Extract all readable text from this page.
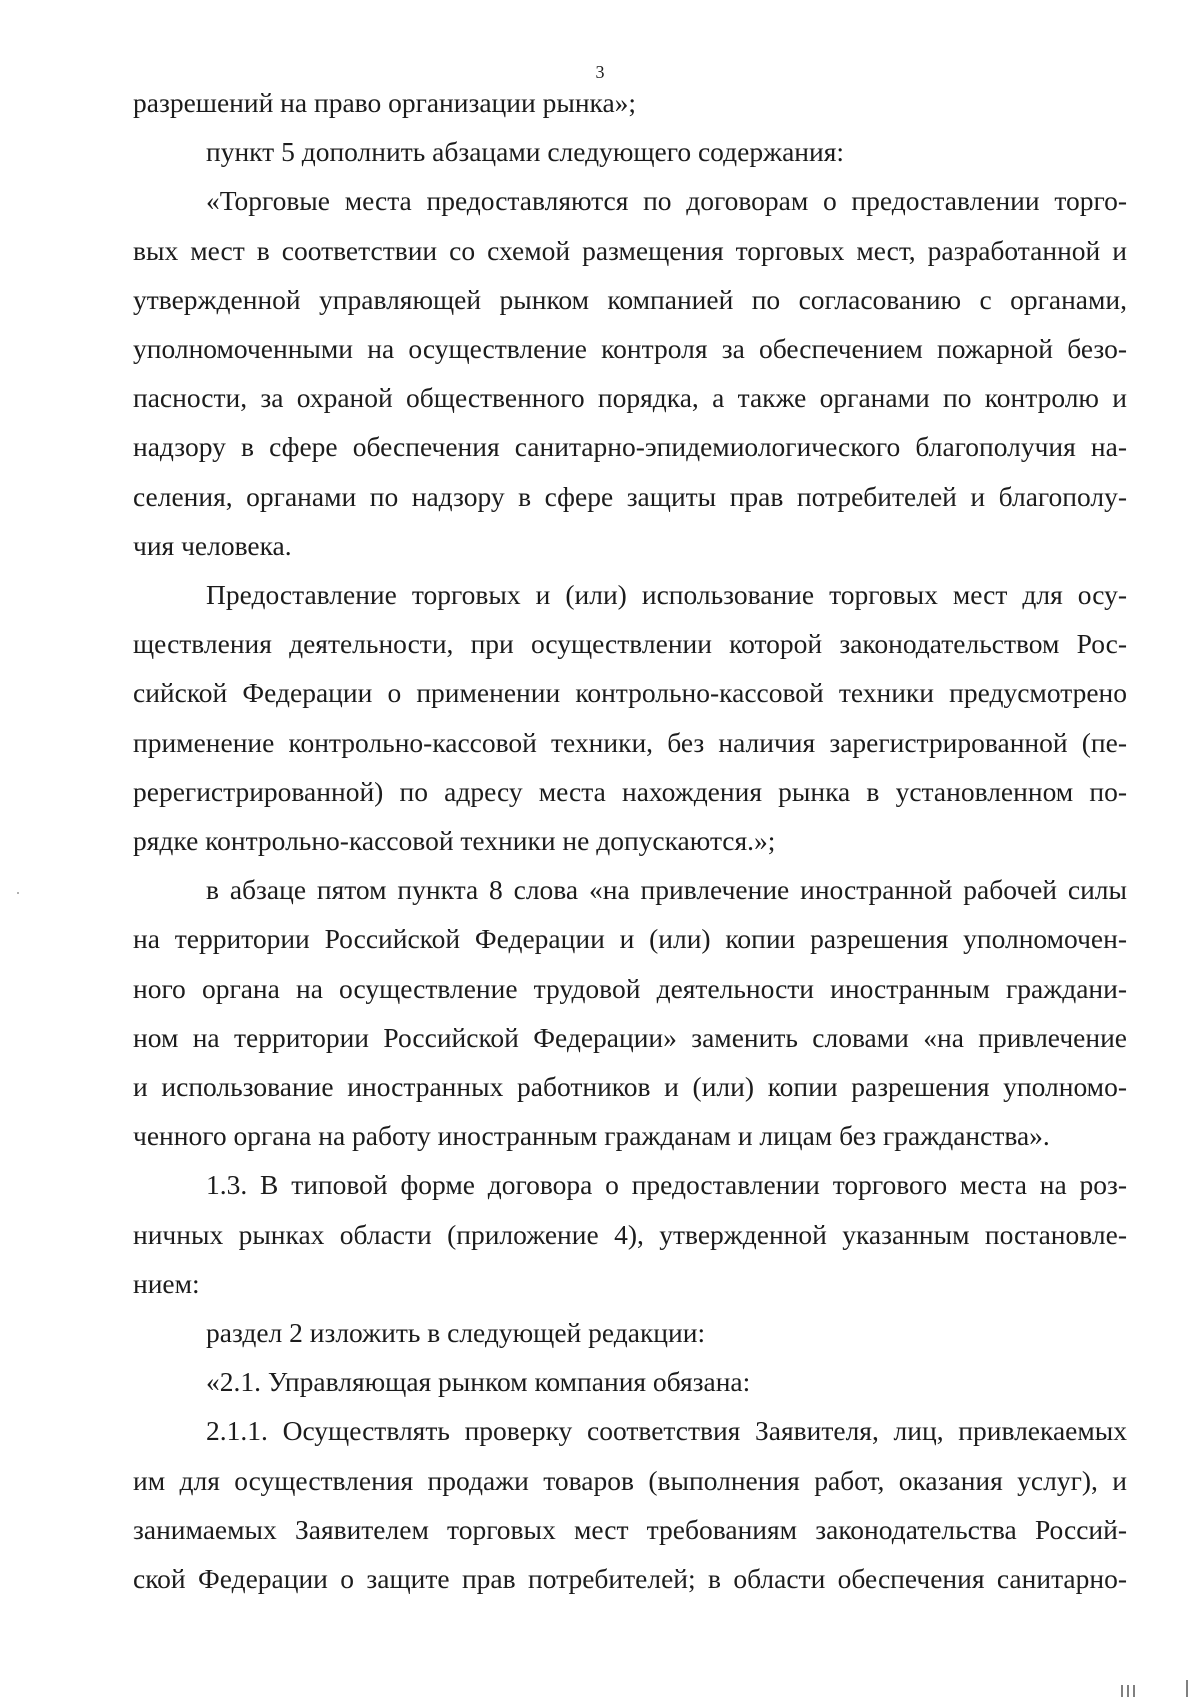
3
разрешений на право организации рынка»;
пункт 5 дополнить абзацами следующего содержания:
«Торговые места предоставляются по договорам о предоставлении торго-
вых мест в соответствии со схемой размещения торговых мест, разработанной и
утвержденной управляющей рынком компанией по согласованию с органами,
уполномоченными на осуществление контроля за обеспечением пожарной безо-
пасности, за охраной общественного порядка, а также органами по контролю и
надзору в сфере обеспечения санитарно-эпидемиологического благополучия на-
селения, органами по надзору в сфере защиты прав потребителей и благополу-
чия человека.
Предоставление торговых и (или) использование торговых мест для осу-
ществления деятельности, при осуществлении которой законодательством Рос-
сийской Федерации о применении контрольно-кассовой техники предусмотрено
применение контрольно-кассовой техники, без наличия зарегистрированной (пе-
ререгистрированной) по адресу места нахождения рынка в установленном по-
рядке контрольно-кассовой техники не допускаются.»;
в абзаце пятом пункта 8 слова «на привлечение иностранной рабочей силы
на территории Российской Федерации и (или) копии разрешения уполномочен-
ного органа на осуществление трудовой деятельности иностранным граждани-
ном на территории Российской Федерации» заменить словами «на привлечение
и использование иностранных работников и (или) копии разрешения уполномо-
ченного органа на работу иностранным гражданам и лицам без гражданства».
1.3. В типовой форме договора о предоставлении торгового места на роз-
ничных рынках области (приложение 4), утвержденной указанным постановле-
нием:
раздел 2 изложить в следующей редакции:
«2.1. Управляющая рынком компания обязана:
2.1.1. Осуществлять проверку соответствия Заявителя, лиц, привлекаемых
им для осуществления продажи товаров (выполнения работ, оказания услуг), и
занимаемых Заявителем торговых мест требованиям законодательства Россий-
ской Федерации о защите прав потребителей; в области обеспечения санитарно-
